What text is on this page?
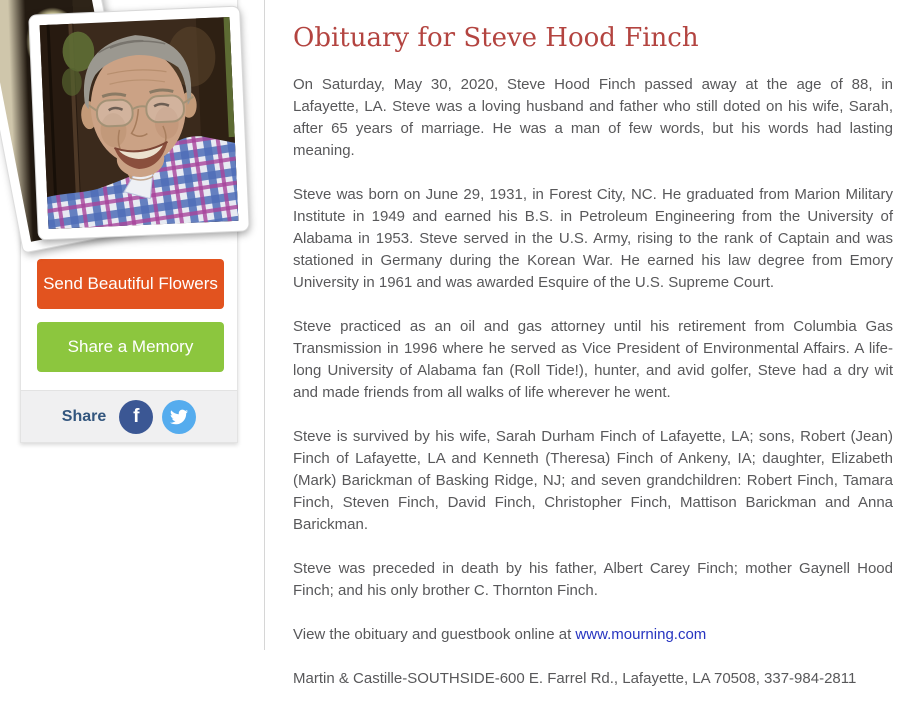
Send Beautiful Flowers
Share a Memory
Share f
Obituary for Steve Hood Finch

On Saturday, May 30, 2020, Steve Hood Finch passed away at the age of 88, in Lafayette, LA. Steve was a loving husband and father who still doted on his wife, Sarah, after 65 years of marriage. He was a man of few words, but his words had lasting meaning.

Steve was born on June 29, 1931, in Forest City, NC. He graduated from Marion Military Institute in 1949 and earned his B.S. in Petroleum Engineering from the University of Alabama in 1953. Steve served in the U.S. Army, rising to the rank of Captain and was stationed in Germany during the Korean War. He earned his law degree from Emory University in 1961 and was awarded Esquire of the U.S. Supreme Court.

Steve practiced as an oil and gas attorney until his retirement from Columbia Gas Transmission in 1996 where he served as Vice President of Environmental Affairs. A life-long University of Alabama fan (Roll Tide!), hunter, and avid golfer, Steve had a dry wit and made friends from all walks of life wherever he went.

Steve is survived by his wife, Sarah Durham Finch of Lafayette, LA; sons, Robert (Jean) Finch of Lafayette, LA and Kenneth (Theresa) Finch of Ankeny, IA; daughter, Elizabeth (Mark) Barickman of Basking Ridge, NJ; and seven grandchildren: Robert Finch, Tamara Finch, Steven Finch, David Finch, Christopher Finch, Mattison Barickman and Anna Barickman.

Steve was preceded in death by his father, Albert Carey Finch; mother Gaynell Hood Finch; and his only brother C. Thornton Finch.

View the obituary and guestbook online at www.mourning.com

Martin & Castille-SOUTHSIDE-600 E. Farrel Rd., Lafayette, LA 70508, 337-984-2811
